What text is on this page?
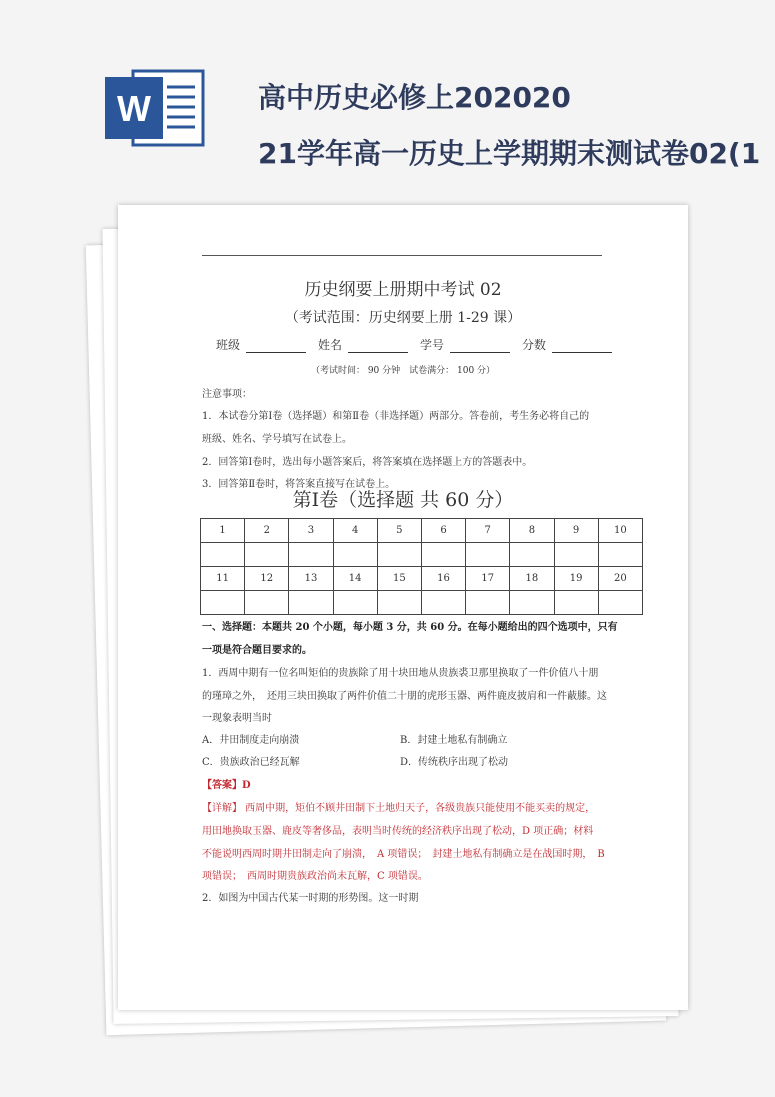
W	高中历史必修上202020
21学年高一历史上学期期末测试卷02(1
历史纲要上册期中考试 02
（考试范围：历史纲要上册 1-29 课）
班级	姓名	学号	分数
（考试时间： 90 分钟　试卷满分： 100 分）
注意事项：
1．本试卷分第Ⅰ卷（选择题）和第Ⅱ卷（非选择题）两部分。答卷前，考生务必将自己的
班级、姓名、学号填写在试卷上。
2．回答第Ⅰ卷时，选出每小题答案后，将答案填在选择题上方的答题表中。
3．回答第Ⅱ卷时，将答案直接写在试卷上。
第Ⅰ卷（选择题 共 60 分）
1	2	3	4	5	6	7	8	9	10

11	12	13	14	15	16	17	18	19	20

一、选择题：本题共 20 个小题，每小题 3 分，共 60 分。在每小题给出的四个选项中，只有
一项是符合题目要求的。
1．西周中期有一位名叫矩伯的贵族除了用十块田地从贵族裘卫那里换取了一件价值八十朋
的瑾璋之外，　还用三块田换取了两件价值二十朋的虎形玉器、两件鹿皮披肩和一件蔽膝。这
一现象表明当时
A．井田制度走向崩溃	B．封建土地私有制确立
C．贵族政治已经瓦解	D．传统秩序出现了松动
【答案】D
【详解】 西周中期，矩伯不顾井田制下土地归天子，各级贵族只能使用不能买卖的规定，
用田地换取玉器、鹿皮等奢侈品，表明当时传统的经济秩序出现了松动，D 项正确；材料
不能说明西周时期井田制走向了崩溃，　A 项错误；　封建土地私有制确立是在战国时期，　B
项错误；　西周时期贵族政治尚未瓦解，C 项错误。
2．如图为中国古代某一时期的形势图。这一时期
